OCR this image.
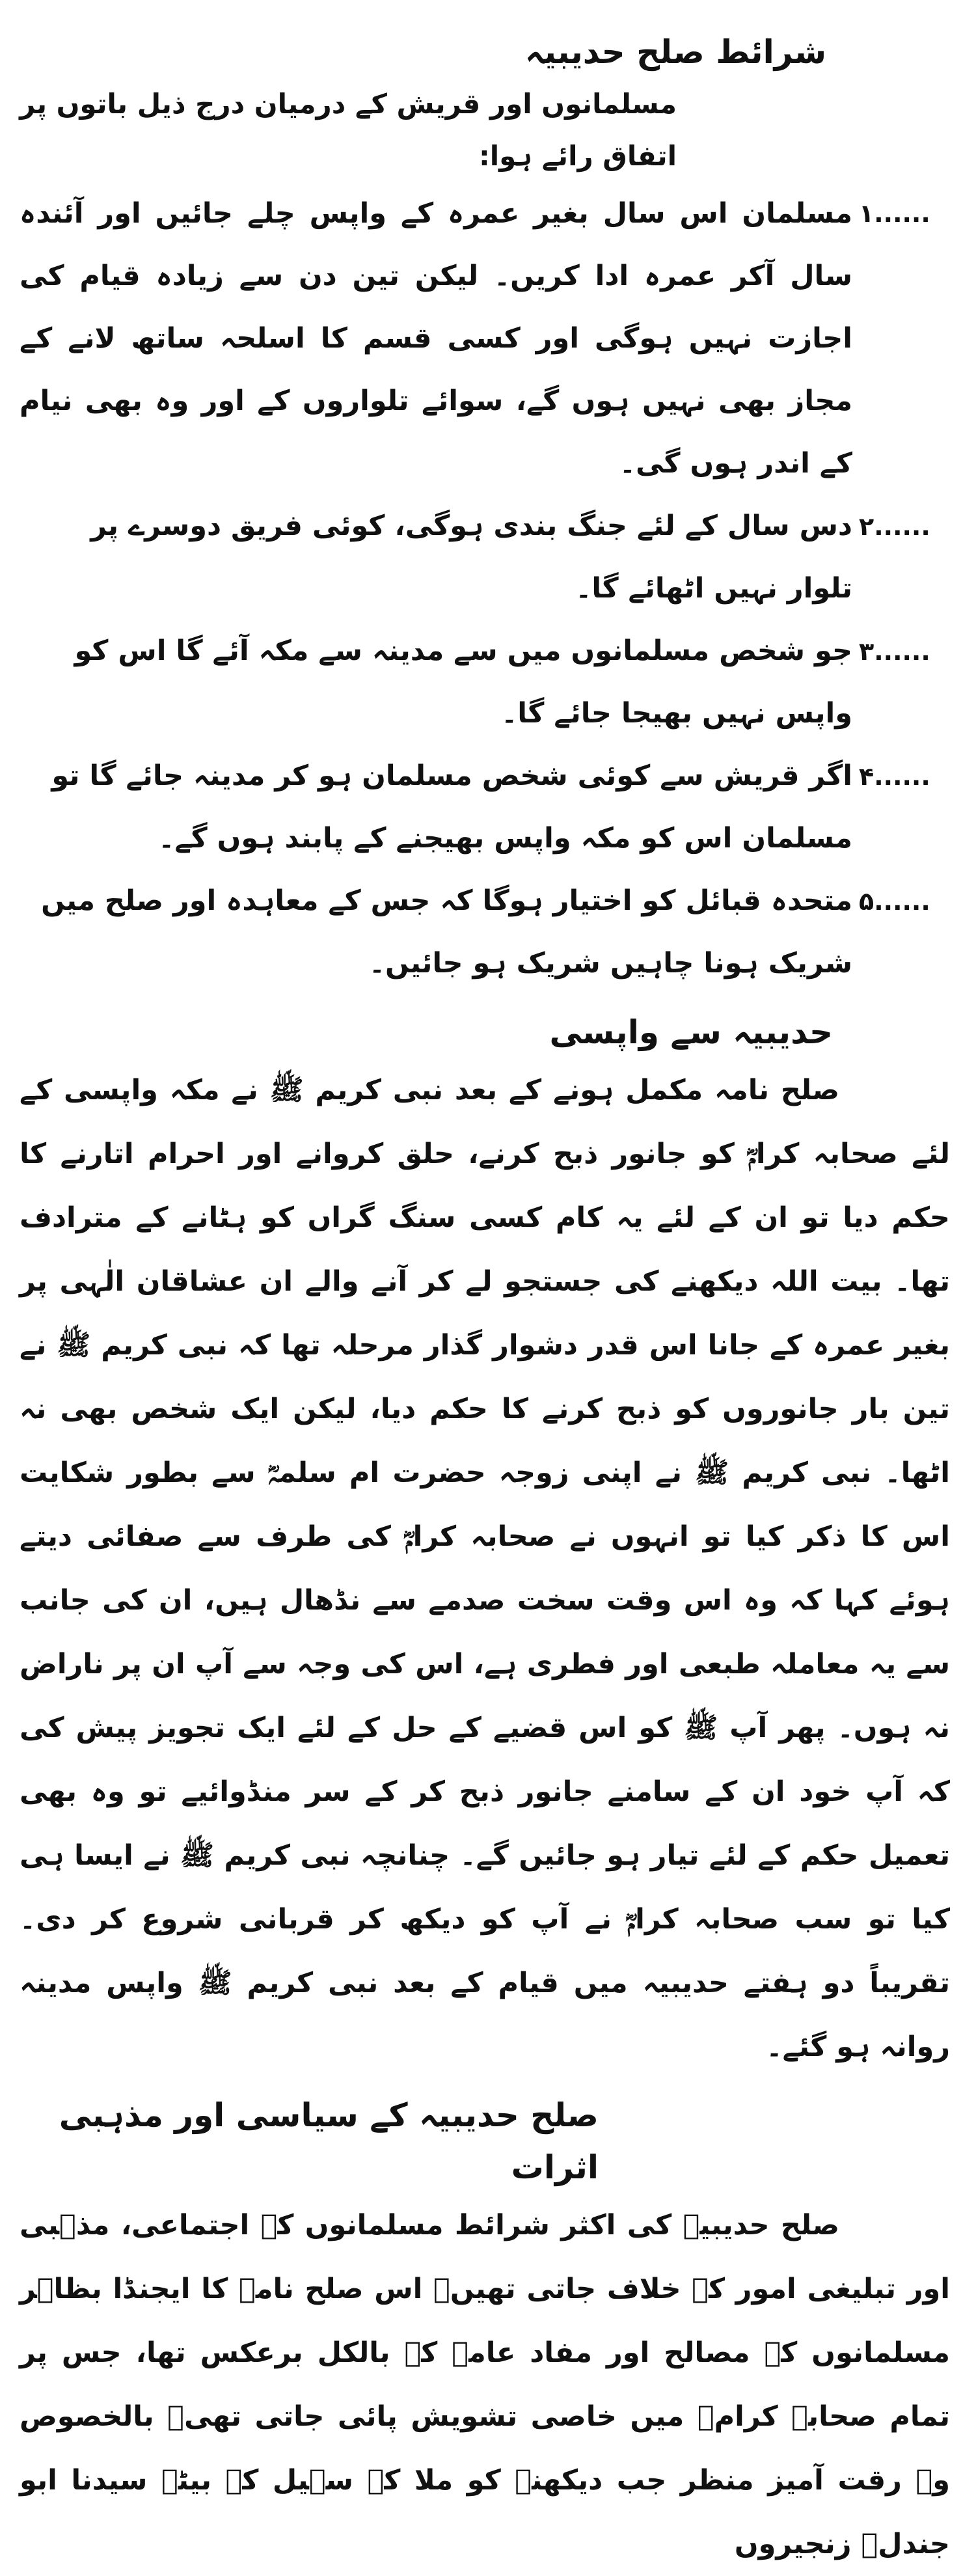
شرائط صلح حدیبیہ

مسلمانوں اور قریش کے درمیان درج ذیل باتوں پر اتفاق رائے ہوا:

۱......
مسلمان اس سال بغیر عمرہ کے واپس چلے جائیں اور آئندہ سال آکر عمرہ ادا کریں۔ لیکن تین دن سے زیادہ قیام کی اجازت نہیں ہوگی اور کسی قسم کا اسلحہ ساتھ لانے کے مجاز بھی نہیں ہوں گے، سوائے تلواروں کے اور وہ بھی نیام کے اندر ہوں گی۔
۲......
دس سال کے لئے جنگ بندی ہوگی، کوئی فریق دوسرے پر تلوار نہیں اٹھائے گا۔
۳......
جو شخص مسلمانوں میں سے مدینہ سے مکہ آئے گا اس کو واپس نہیں بھیجا جائے گا۔
۴......
اگر قریش سے کوئی شخص مسلمان ہو کر مدینہ جائے گا تو مسلمان اس کو مکہ واپس بھیجنے کے پابند ہوں گے۔
۵......
متحدہ قبائل کو اختیار ہوگا کہ جس کے معاہدہ اور صلح میں شریک ہونا چاہیں شریک ہو جائیں۔
حدیبیہ سے واپسی

صلح نامہ مکمل ہونے کے بعد نبی کریم ﷺ نے مکہ واپسی کے لئے صحابہ کرامؓ کو جانور ذبح کرنے، حلق کروانے اور احرام اتارنے کا حکم دیا تو ان کے لئے یہ کام کسی سنگ گراں کو ہٹانے کے مترادف تھا۔ بیت اللہ دیکھنے کی جستجو لے کر آنے والے ان عشاقان الٰہی پر بغیر عمرہ کے جانا اس قدر دشوار گذار مرحلہ تھا کہ نبی کریم ﷺ نے تین بار جانوروں کو ذبح کرنے کا حکم دیا، لیکن ایک شخص بھی نہ اٹھا۔ نبی کریم ﷺ نے اپنی زوجہ حضرت ام سلمہؓ سے بطور شکایت اس کا ذکر کیا تو انہوں نے صحابہ کرامؓ کی طرف سے صفائی دیتے ہوئے کہا کہ وہ اس وقت سخت صدمے سے نڈھال ہیں، ان کی جانب سے یہ معاملہ طبعی اور فطری ہے، اس کی وجہ سے آپ ان پر ناراض نہ ہوں۔ پھر آپ ﷺ کو اس قضیے کے حل کے لئے ایک تجویز پیش کی کہ آپ خود ان کے سامنے جانور ذبح کر کے سر منڈوائیے تو وہ بھی تعمیل حکم کے لئے تیار ہو جائیں گے۔ چنانچہ نبی کریم ﷺ نے ایسا ہی کیا تو سب صحابہ کرامؓ نے آپ کو دیکھ کر قربانی شروع کر دی۔ تقریباً دو ہفتے حدیبیہ میں قیام کے بعد نبی کریم ﷺ واپس مدینہ روانہ ہو گئے۔

صلح حدیبیہ کے سیاسی اور مذہبی اثرات

صلح حدیبیہ کی اکثر شرائط مسلمانوں کے اجتماعی، مذہبی اور تبلیغی امور کے خلاف جاتی تھیں۔ اس صلح نامے کا ایجنڈا بظاہر مسلمانوں کے مصالح اور مفاد عامہ کے بالکل برعکس تھا، جس پر تمام صحابہ کرامؓ میں خاصی تشویش پائی جاتی تھی۔ بالخصوص وہ رقت آمیز منظر جب دیکھنے کو ملا کہ سہیل کے بیٹے سیدنا ابو جندلؓ زنجیروں
